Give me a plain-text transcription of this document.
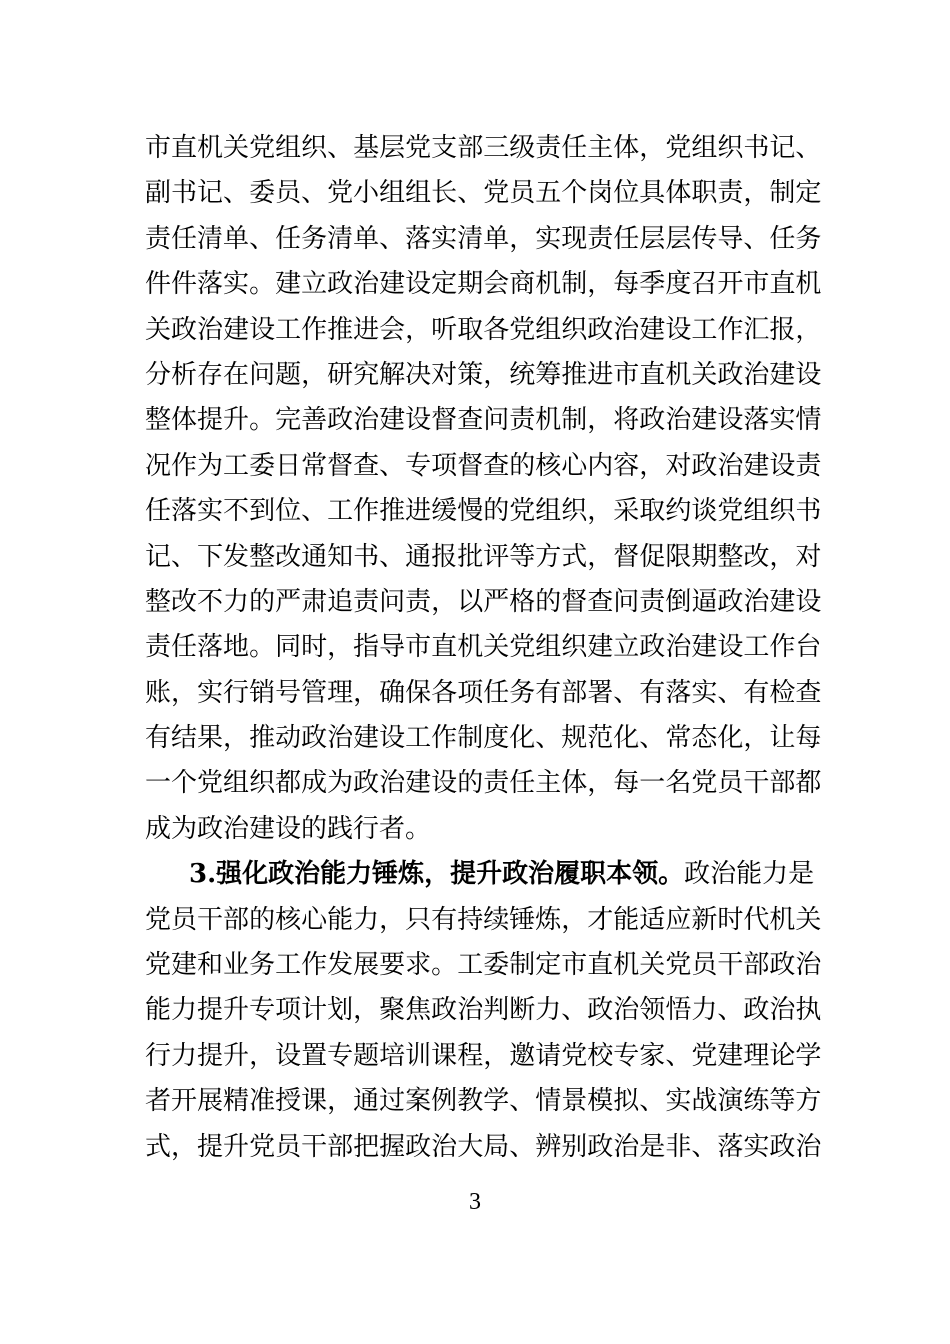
市 直 机 关 党 组 织 、 基 层 党 支 部 三 级 责 任 主 体 ， 党 组 织 书 记 、
副 书 记 、 委 员 、 党 小 组 组 长 、 党 员 五 个 岗 位 具 体 职 责 ， 制 定
责 任 清 单 、 任 务 清 单 、 落 实 清 单 ， 实 现 责 任 层 层 传 导 、 任 务
件 件 落 实 。 建 立 政 治 建 设 定 期 会 商 机 制 ， 每 季 度 召 开 市 直 机
关 政 治 建 设 工 作 推 进 会 ， 听 取 各 党 组 织 政 治 建 设 工 作 汇 报 ，
分 析 存 在 问 题 ， 研 究 解 决 对 策 ， 统 筹 推 进 市 直 机 关 政 治 建 设
整 体 提 升 。 完 善 政 治 建 设 督 查 问 责 机 制 ， 将 政 治 建 设 落 实 情
况 作 为 工 委 日 常 督 查 、 专 项 督 查 的 核 心 内 容 ， 对 政 治 建 设 责
任 落 实 不 到 位 、 工 作 推 进 缓 慢 的 党 组 织 ， 采 取 约 谈 党 组 织 书
记 、 下 发 整 改 通 知 书 、 通 报 批 评 等 方 式 ， 督 促 限 期 整 改 ， 对
整 改 不 力 的 严 肃 追 责 问 责 ， 以 严 格 的 督 查 问 责 倒 逼 政 治 建 设
责 任 落 地 。 同 时 ， 指 导 市 直 机 关 党 组 织 建 立 政 治 建 设 工 作 台
账 ， 实 行 销 号 管 理 ， 确 保 各 项 任 务 有 部 署 、 有 落 实 、 有 检 查
有 结 果 ， 推 动 政 治 建 设 工 作 制 度 化 、 规 范 化 、 常 态 化 ， 让 每
一 个 党 组 织 都 成 为 政 治 建 设 的 责 任 主 体 ， 每 一 名 党 员 干 部 都
成为政治建设的践行者。
3.强化政治能力锤炼，提升政治履职本领。 政治能力是
党 员 干 部 的 核 心 能 力 ， 只 有 持 续 锤 炼 ， 才 能 适 应 新 时 代 机 关
党 建 和 业 务 工 作 发 展 要 求 。 工 委 制 定 市 直 机 关 党 员 干 部 政 治
能 力 提 升 专 项 计 划 ， 聚 焦 政 治 判 断 力 、 政 治 领 悟 力 、 政 治 执
行 力 提 升 ， 设 置 专 题 培 训 课 程 ， 邀 请 党 校 专 家 、 党 建 理 论 学
者 开 展 精 准 授 课 ， 通 过 案 例 教 学 、 情 景 模 拟 、 实 战 演 练 等 方
式 ， 提 升 党 员 干 部 把 握 政 治 大 局 、 辨 别 政 治 是 非 、 落 实 政 治
3
